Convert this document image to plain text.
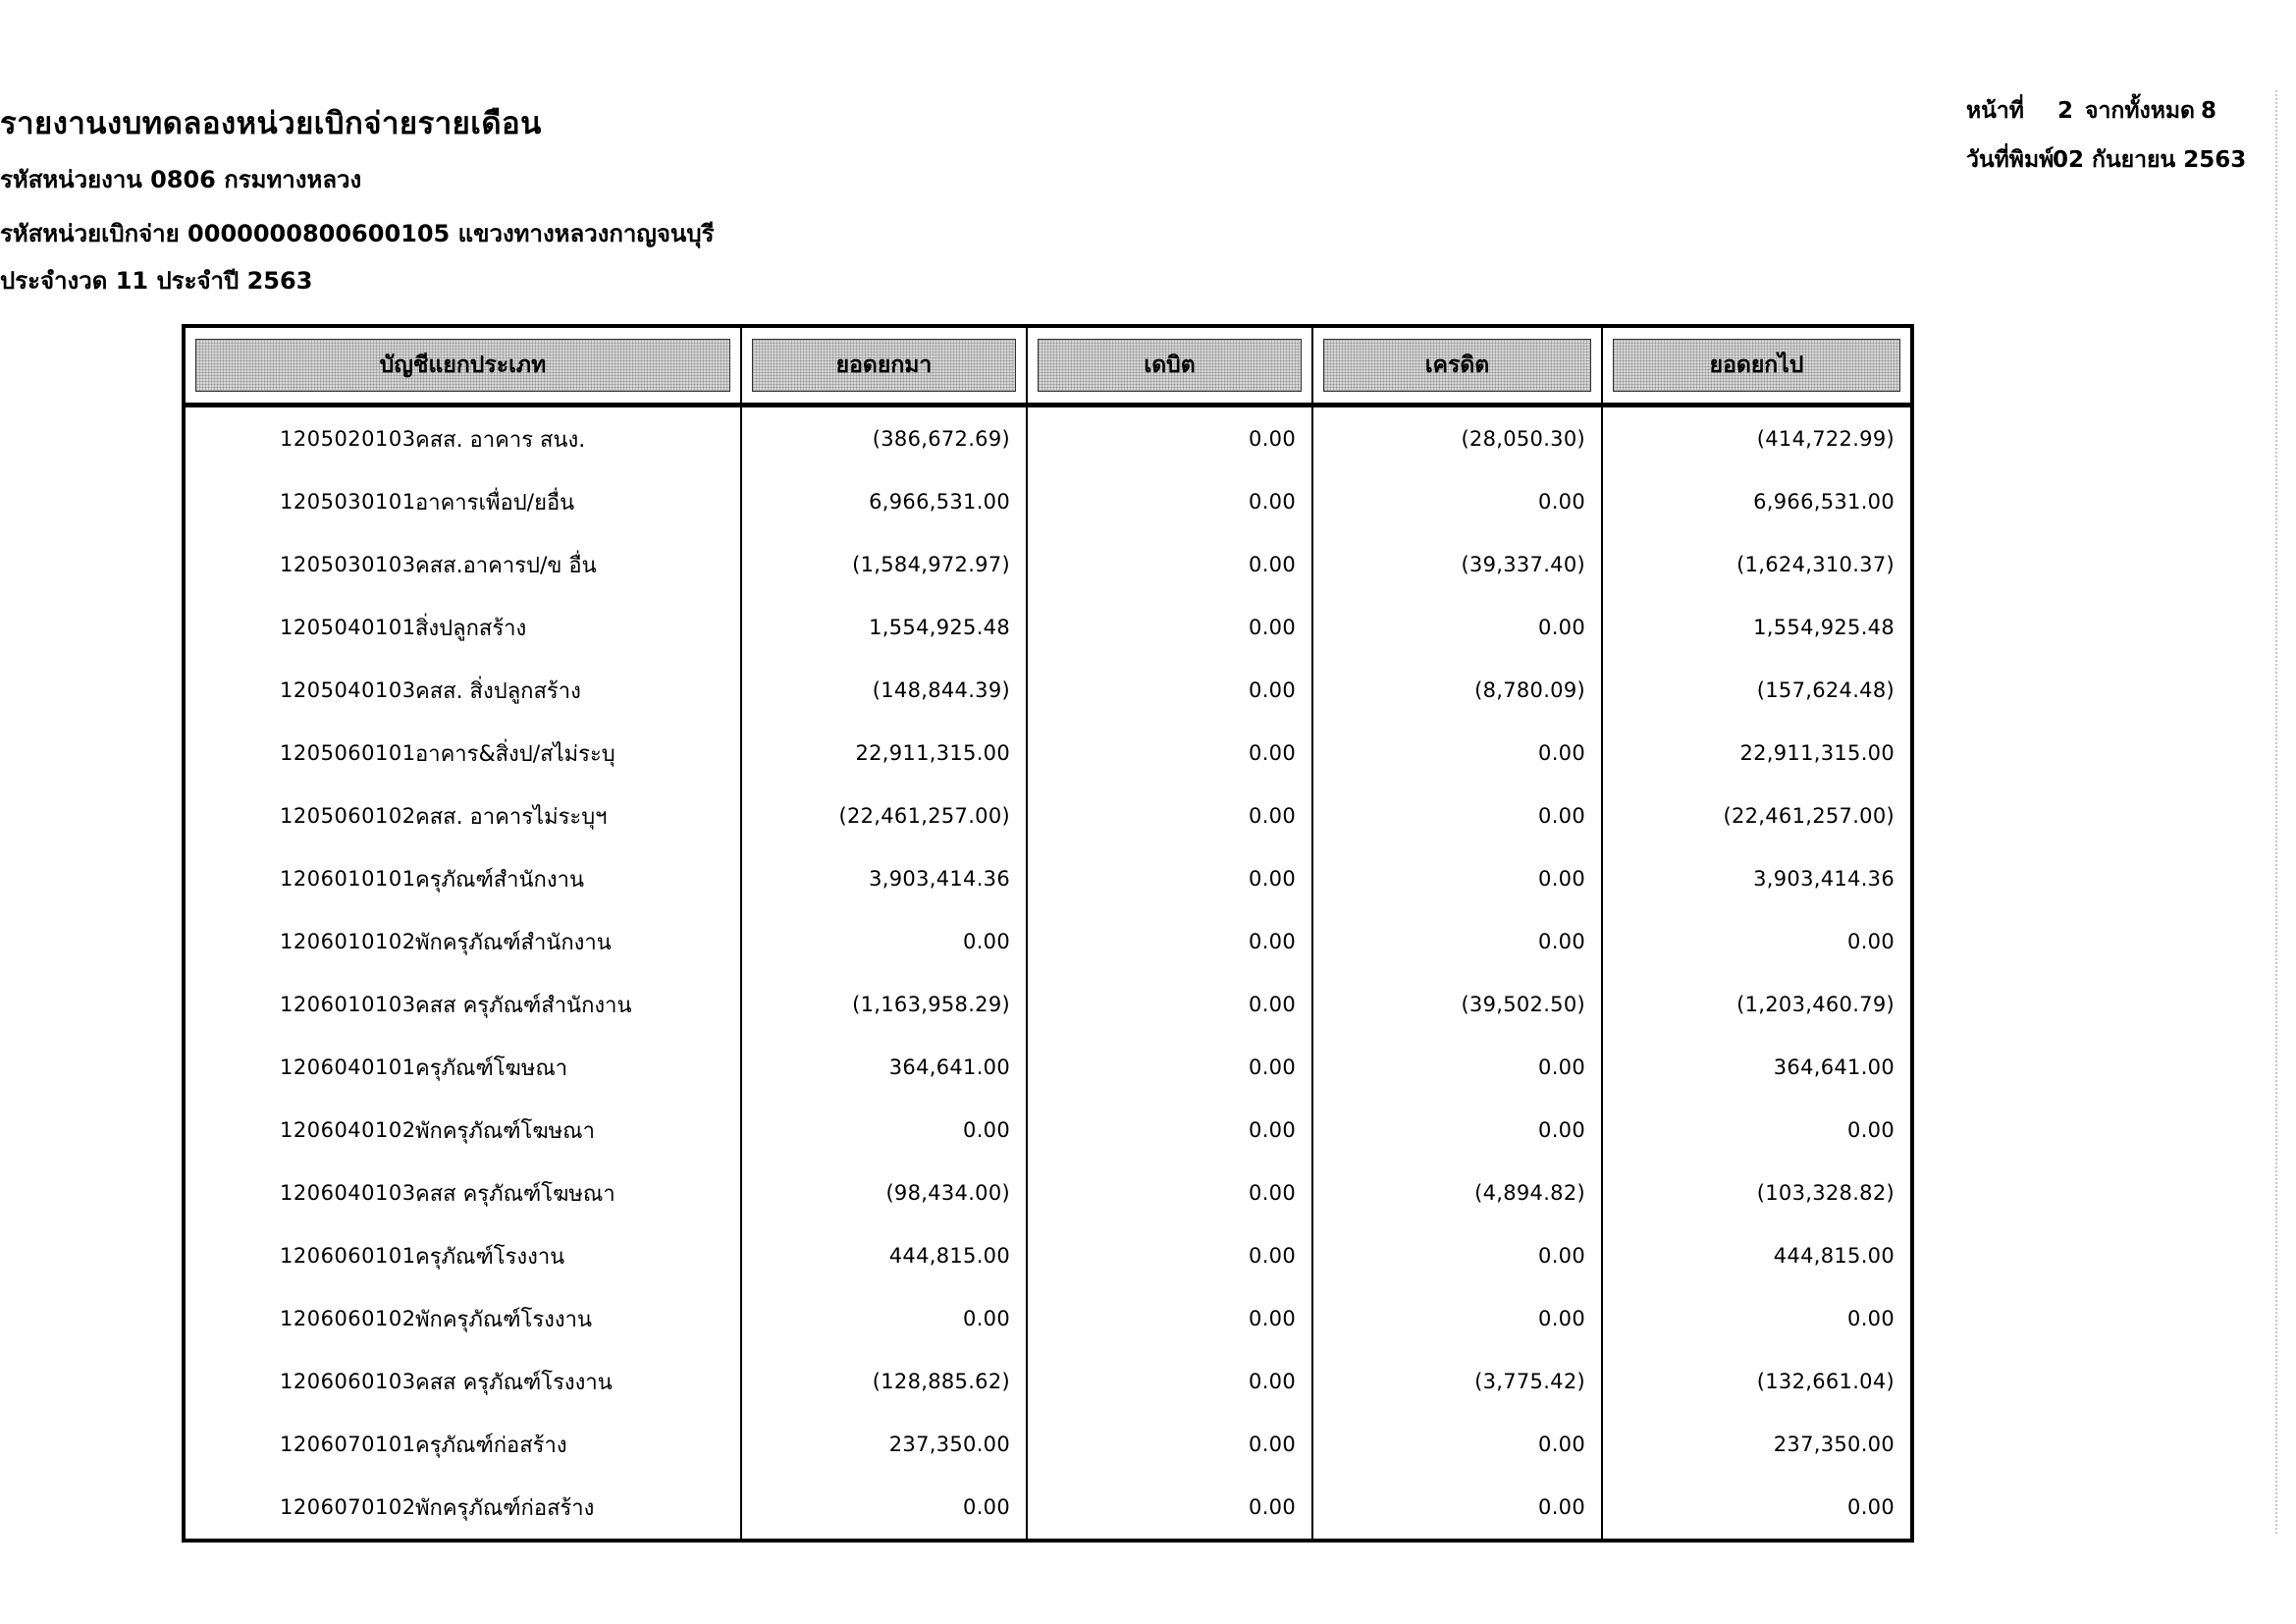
รายงานงบทดลองหน่วยเบิกจ่ายรายเดือน
รหัสหน่วยงาน 0806 กรมทางหลวง
รหัสหน่วยเบิกจ่าย 0000000800600105 แขวงทางหลวงกาญจนบุรี
ประจำงวด 11 ประจำปี 2563
หน้าที่	2 จากทั้งหมด 8
วันที่พิมพ์
02 กันยายน 2563
บัญชีแยกประเภท	ยอดยกมา	เดบิต	เครดิต	ยอดยกไป
1205020103 คสส. อาคาร สนง.	(386,672.69)	0.00	(28,050.30)	(414,722.99)
1205030101 อาคารเพื่อป/ยอื่น	6,966,531.00	0.00	0.00	6,966,531.00
1205030103 คสส.อาคารป/ข อื่น	(1,584,972.97)	0.00	(39,337.40)	(1,624,310.37)
1205040101 สิ่งปลูกสร้าง	1,554,925.48	0.00	0.00	1,554,925.48
1205040103 คสส. สิ่งปลูกสร้าง	(148,844.39)	0.00	(8,780.09)	(157,624.48)
1205060101 อาคาร&สิ่งป/สไม่ระบุ	22,911,315.00	0.00	0.00	22,911,315.00
1205060102 คสส. อาคารไม่ระบุฯ	(22,461,257.00)	0.00	0.00	(22,461,257.00)
1206010101 ครุภัณฑ์สำนักงาน	3,903,414.36	0.00	0.00	3,903,414.36
1206010102 พักครุภัณฑ์สำนักงาน	0.00	0.00	0.00	0.00
1206010103 คสส ครุภัณฑ์สำนักงาน	(1,163,958.29)	0.00	(39,502.50)	(1,203,460.79)
1206040101 ครุภัณฑ์โฆษณา	364,641.00	0.00	0.00	364,641.00
1206040102 พักครุภัณฑ์โฆษณา	0.00	0.00	0.00	0.00
1206040103 คสส ครุภัณฑ์โฆษณา	(98,434.00)	0.00	(4,894.82)	(103,328.82)
1206060101 ครุภัณฑ์โรงงาน	444,815.00	0.00	0.00	444,815.00
1206060102 พักครุภัณฑ์โรงงาน	0.00	0.00	0.00	0.00
1206060103 คสส ครุภัณฑ์โรงงาน	(128,885.62)	0.00	(3,775.42)	(132,661.04)
1206070101 ครุภัณฑ์ก่อสร้าง	237,350.00	0.00	0.00	237,350.00
1206070102 พักครุภัณฑ์ก่อสร้าง	0.00	0.00	0.00	0.00
